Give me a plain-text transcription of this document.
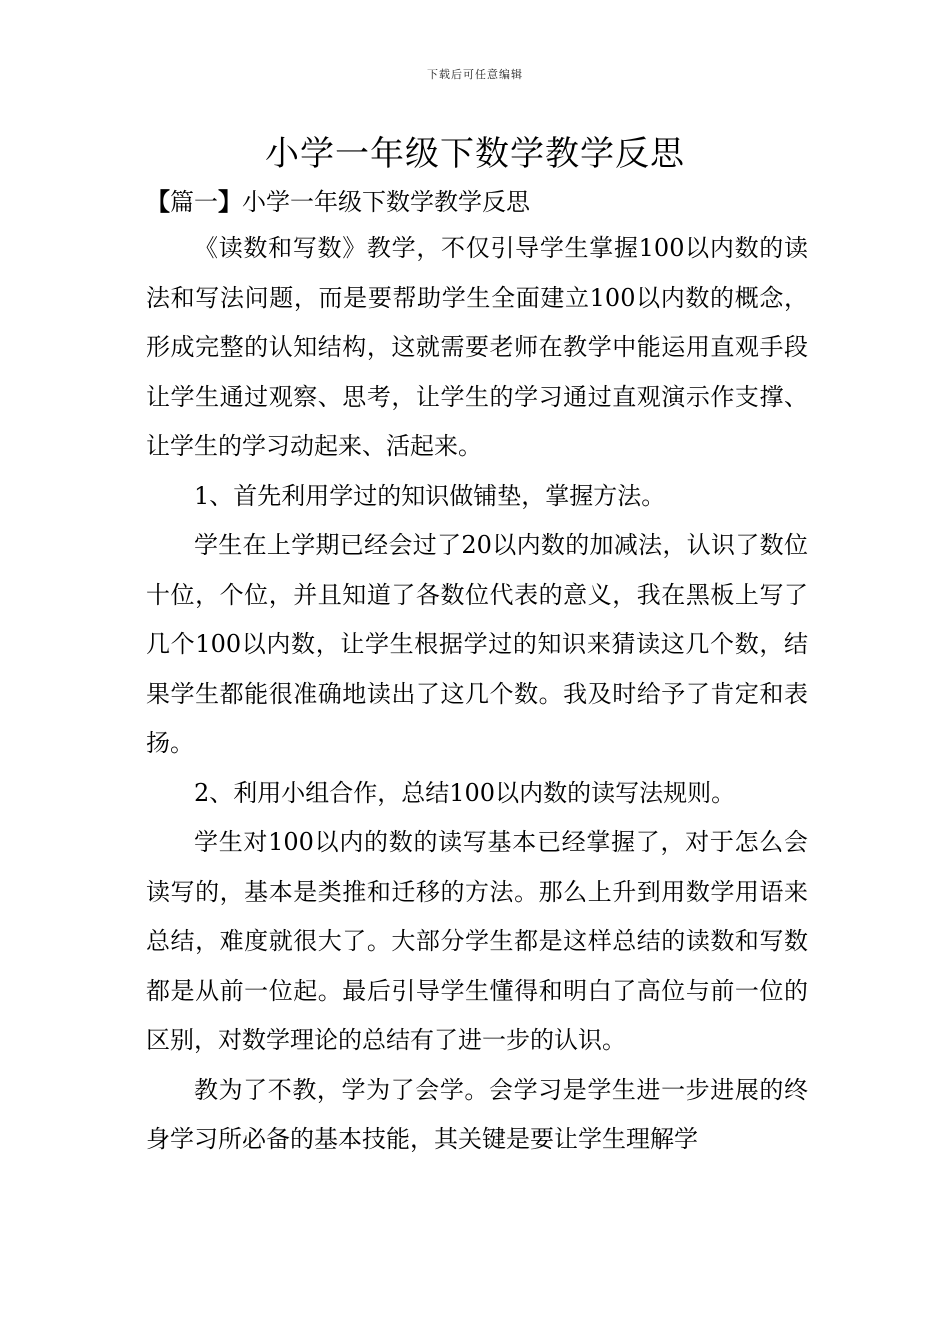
下载后可任意编辑
小学一年级下数学教学反思
【篇一】小学一年级下数学教学反思

《读数和写数》教学，不仅引导学生掌握100以内数的读法和写法问题，而是要帮助学生全面建立100以内数的概念，形成完整的认知结构，这就需要老师在教学中能运用直观手段让学生通过观察、思考，让学生的学习通过直观演示作支撑、让学生的学习动起来、活起来。

1、首先利用学过的知识做铺垫，掌握方法。

学生在上学期已经会过了20以内数的加减法，认识了数位十位，个位，并且知道了各数位代表的意义，我在黑板上写了几个100以内数，让学生根据学过的知识来猜读这几个数，结果学生都能很准确地读出了这几个数。我及时给予了肯定和表扬。

2、利用小组合作，总结100以内数的读写法规则。

学生对100以内的数的读写基本已经掌握了，对于怎么会读写的，基本是类推和迁移的方法。那么上升到用数学用语来总结，难度就很大了。大部分学生都是这样总结的读数和写数都是从前一位起。最后引导学生懂得和明白了高位与前一位的区别，对数学理论的总结有了进一步的认识。

教为了不教，学为了会学。会学习是学生进一步进展的终身学习所必备的基本技能，其关键是要让学生理解学
